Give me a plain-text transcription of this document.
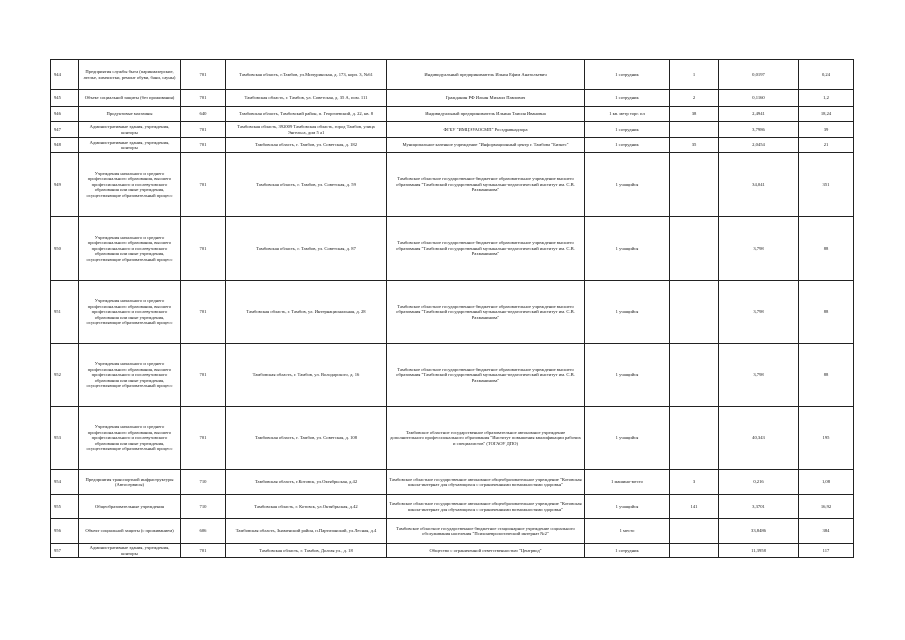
944	Предприятия службы быта (парикмахерские, ателье, химчистки, ремонт обуви, бани, сауны)	701	Тамбовская область, г.Тамбов, ул.Мичуринская, д. 173, корп. 3, №61	Индивидуальный предприниматель Ильин Ефим Анатольевич	1 сотрудник	1	0,0197	0,24
945	Объект социальной защиты (без проживания)	701	Тамбовская область, г. Тамбов, ул. Советская, д. 35 А, пом. 111	Гражданин РФ Ильин Михаил Павлович	1 сотрудник	2	0,1160	1,2
946	Продуктовые магазины	640	Тамбовская область, Тамбовский район, п. Георгиевский, д. 22, кв. 8	Индивидуальный предприниматель Ильина Таисия Ивановна	1 кв. метр торг. пл	38	2,4941	18,24
947	Административные здания, учреждения, конторы	701	Тамбовская область, 392009 Тамбовская область, город Тамбов, улица Энгельса, дом 5 а1	ФГБУ "ИМЦЭУАОСМП" Росздравнадзора	1 сотрудник		3,7986	39
948	Административные здания, учреждения, конторы	701	Тамбовская область, г. Тамбов, ул. Советская, д. 182	Муниципальное казенное учреждение "Информационный центр г. Тамбова "Бизнес"	1 сотрудник	35	2,0454	21
949	Учреждения начального и среднего профессионального образования, высшего профессионального и послевузовского образования или иные учреждения, осуществляющие образовательный процесс	701	Тамбовская область, г. Тамбов, ул. Советская, д. 59	Тамбовское областное государственное бюджетное образовательное учреждение высшего образования "Тамбовский государственный музыкально-педагогический институт им. С.В. Рахманинова"	1 учащийся		34,041	351
950	Учреждения начального и среднего профессионального образования, высшего профессионального и послевузовского образования или иные учреждения, осуществляющие образовательный процесс	701	Тамбовская область, г. Тамбов, ул. Советская, д. 87	Тамбовское областное государственное бюджетное образовательное учреждение высшего образования "Тамбовский государственный музыкально-педагогический институт им. С.В. Рахманинова"	1 учащийся		3,798	88
951	Учреждения начального и среднего профессионального образования, высшего профессионального и послевузовского образования или иные учреждения, осуществляющие образовательный процесс	701	Тамбовская область, г. Тамбов, ул. Интернациональная, д. 28	Тамбовское областное государственное бюджетное образовательное учреждение высшего образования "Тамбовский государственный музыкально-педагогический институт им. С.В. Рахманинова"	1 учащийся		3,798	88
952	Учреждения начального и среднего профессионального образования, высшего профессионального и послевузовского образования или иные учреждения, осуществляющие образовательный процесс	701	Тамбовская область, г. Тамбов, ул. Володарского, д. 16	Тамбовское областное государственное бюджетное образовательное учреждение высшего образования "Тамбовский государственный музыкально-педагогический институт им. С.В. Рахманинова"	1 учащийся		3,798	88
953	Учреждения начального и среднего профессионального образования, высшего профессионального и послевузовского образования или иные учреждения, осуществляющие образовательный процесс	701	Тамбовская область, г. Тамбов, ул. Советская, д. 108	Тамбовское областное государственное образовательное автономное учреждение дополнительного профессионального образования "Институт повышения квалификации рабочих и специалистов" (ТОГАОУ ДПО)	1 учащийся		40,343	195
954	Предприятия транспортной инфраструктуры (Автосервисы)	710	Тамбовская область, г.Котовск, ул.Октябрьская, д.42	Тамбовское областное государственное автономное общеобразовательное учреждение "Котовская школа-интернат для обучающихся с ограниченными возможностями здоровья"	1 машино-место	3	0,216	1,08
955	Общеобразовательные учреждения	710	Тамбовская область, г. Котовск, ул.Октябрьская, д.42	Тамбовское областное государственное автономное общеобразовательное учреждение "Котовская школа-интернат для обучающихся с ограниченными возможностями здоровья"	1 учащийся	141	3,3701	16,92
956	Объект социальной защиты (с проживанием)	606	Тамбовская область, Знаменский район, п.Партизанский, ул.Лесная, д.4	Тамбовское областное государственное бюджетное стационарное учреждение социального обслуживания населения "Психоневрологический интернат №2"	1 место		33,8486	384
957	Административные здания, учреждения, конторы	701	Тамбовская область, г. Тамбов, Долгая ул., д. 18	Общество с ограниченной ответственностью "Центрвод"	1 сотрудник		11,3958	117
